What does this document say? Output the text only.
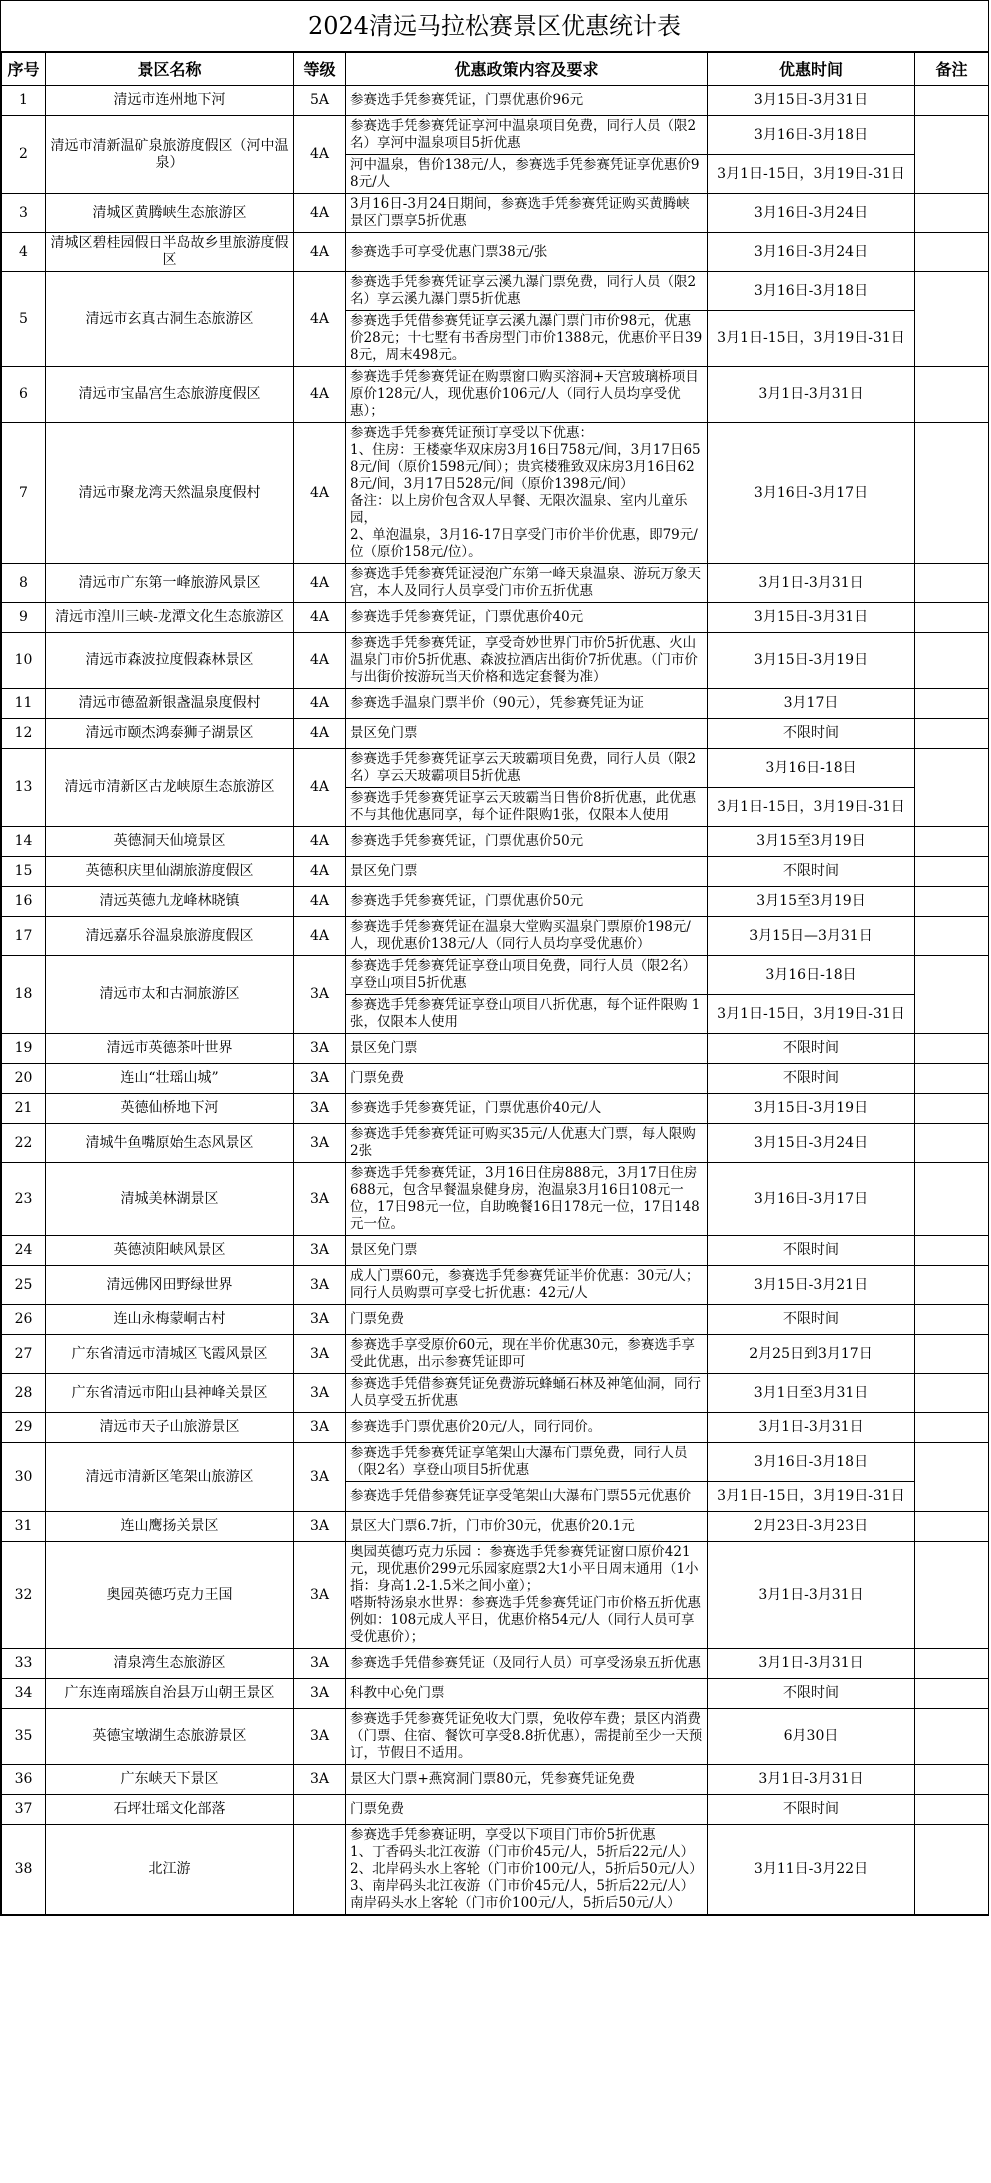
2024清远马拉松赛景区优惠统计表
序号	景区名称	等级	优惠政策内容及要求	优惠时间	备注
1	清远市连州地下河	5A	参赛选手凭参赛凭证，门票优惠价96元	3月15日-3月31日	
2	清远市清新温矿泉旅游度假区（河中温泉）	4A	参赛选手凭参赛凭证享河中温泉项目免费，同行人员（限2名）享河中温泉项目5折优惠	3月16日-3月18日	
			河中温泉，售价138元/人，参赛选手凭参赛凭证享优惠价98元/人	3月1日-15日，3月19日-31日	
3	清城区黄腾峡生态旅游区	4A	3月16日-3月24日期间，参赛选手凭参赛凭证购买黄腾峡景区门票享5折优惠	3月16日-3月24日	
4	清城区碧桂园假日半岛故乡里旅游度假区	4A	参赛选手可享受优惠门票38元/张	3月16日-3月24日	
5	清远市玄真古洞生态旅游区	4A	参赛选手凭参赛凭证享云溪九瀑门票免费，同行人员（限2名）享云溪九瀑门票5折优惠	3月16日-3月18日	
			参赛选手凭借参赛凭证享云溪九瀑门票门市价98元，优惠价28元；十七墅有书香房型门市价1388元，优惠价平日398元，周末498元。	3月1日-15日，3月19日-31日	
6	清远市宝晶宫生态旅游度假区	4A	参赛选手凭参赛凭证在购票窗口购买溶洞+天宫玻璃桥项目原价128元/人，现优惠价106元/人（同行人员均享受优惠）；	3月1日-3月31日	
7	清远市聚龙湾天然温泉度假村	4A	参赛选手凭参赛凭证预订享受以下优惠：
1、住房：王楼豪华双床房3月16日758元/间，3月17日658元/间（原价1598元/间）；贵宾楼雅致双床房3月16日628元/间，3月17日528元/间（原价1398元/间）
备注：以上房价包含双人早餐、无限次温泉、室内儿童乐园，
2、单泡温泉，3月16-17日享受门市价半价优惠，即79元/位（原价158元/位）。	3月16日-3月17日	
8	清远市广东第一峰旅游风景区	4A	参赛选手凭参赛凭证浸泡广东第一峰天泉温泉、游玩万象天宫，本人及同行人员享受门市价五折优惠	3月1日-3月31日	
9	清远市湟川三峡-龙潭文化生态旅游区	4A	参赛选手凭参赛凭证，门票优惠价40元	3月15日-3月31日	
10	清远市森波拉度假森林景区	4A	参赛选手凭参赛凭证，享受奇妙世界门市价5折优惠、火山温泉门市价5折优惠、森波拉酒店出街价7折优惠。（门市价与出街价按游玩当天价格和选定套餐为准）	3月15日-3月19日	
11	清远市德盈新银盏温泉度假村	4A	参赛选手温泉门票半价（90元），凭参赛凭证为证	3月17日	
12	清远市颐杰鸿泰狮子湖景区	4A	景区免门票	不限时间	
13	清远市清新区古龙峡原生态旅游区	4A	参赛选手凭参赛凭证享云天玻霸项目免费，同行人员（限2名）享云天玻霸项目5折优惠	3月16日-18日	
			参赛选手凭参赛凭证享云天玻霸当日售价8折优惠，此优惠不与其他优惠同享，每个证件限购1张，仅限本人使用	3月1日-15日，3月19日-31日	
14	英德洞天仙境景区	4A	参赛选手凭参赛凭证，门票优惠价50元	3月15至3月19日	
15	英德积庆里仙湖旅游度假区	4A	景区免门票	不限时间	
16	清远英德九龙峰林晓镇	4A	参赛选手凭参赛凭证，门票优惠价50元	3月15至3月19日	
17	清远嘉乐谷温泉旅游度假区	4A	参赛选手凭参赛凭证在温泉大堂购买温泉门票原价198元/人，现优惠价138元/人（同行人员均享受优惠价）	3月15日—3月31日	
18	清远市太和古洞旅游区	3A	参赛选手凭参赛凭证享登山项目免费，同行人员（限2名）享登山项目5折优惠	3月16日-18日	
			参赛选手凭参赛凭证享登山项目八折优惠，每个证件限购 1张，仅限本人使用	3月1日-15日，3月19日-31日	
19	清远市英德茶叶世界	3A	景区免门票	不限时间	
20	连山“壮瑶山城”	3A	门票免费	不限时间	
21	英德仙桥地下河	3A	参赛选手凭参赛凭证，门票优惠价40元/人	3月15日-3月19日	
22	清城牛鱼嘴原始生态风景区	3A	参赛选手凭参赛凭证可购买35元/人优惠大门票，每人限购2张	3月15日-3月24日	
23	清城美林湖景区	3A	参赛选手凭参赛凭证，3月16日住房888元，3月17日住房688元，包含早餐温泉健身房，泡温泉3月16日108元一位，17日98元一位，自助晚餐16日178元一位，17日148元一位。	3月16日-3月17日	
24	英德浈阳峡风景区	3A	景区免门票	不限时间	
25	清远佛冈田野绿世界	3A	成人门票60元，参赛选手凭参赛凭证半价优惠：30元/人；同行人员购票可享受七折优惠：42元/人	3月15日-3月21日	
26	连山永梅蒙峒古村	3A	门票免费	不限时间	
27	广东省清远市清城区飞霞风景区	3A	参赛选手享受原价60元，现在半价优惠30元，参赛选手享受此优惠，出示参赛凭证即可	2月25日到3月17日	
28	广东省清远市阳山县神峰关景区	3A	参赛选手凭借参赛凭证免费游玩蜂蛹石林及神笔仙洞，同行人员享受五折优惠	3月1日至3月31日	
29	清远市天子山旅游景区	3A	参赛选手门票优惠价20元/人，同行同价。	3月1日-3月31日	
30	清远市清新区笔架山旅游区	3A	参赛选手凭参赛凭证享笔架山大瀑布门票免费，同行人员（限2名）享登山项目5折优惠	3月16日-3月18日	
			参赛选手凭借参赛凭证享受笔架山大瀑布门票55元优惠价	3月1日-15日，3月19日-31日	
31	连山鹰扬关景区	3A	景区大门票6.7折，门市价30元，优惠价20.1元	2月23日-3月23日	
32	奥园英德巧克力王国	3A	奥园英德巧克力乐园 ：参赛选手凭参赛凭证窗口原价421元，现优惠价299元乐园家庭票2大1小平日周末通用（1小指：身高1.2-1.5米之间小童）；
嗒斯特汤泉水世界：参赛选手凭参赛凭证门市价格五折优惠例如：108元成人平日，优惠价格54元/人（同行人员可享受优惠价）；	3月1日-3月31日	
33	清泉湾生态旅游区	3A	参赛选手凭借参赛凭证（及同行人员）可享受汤泉五折优惠	3月1日-3月31日	
34	广东连南瑶族自治县万山朝王景区	3A	科教中心免门票	不限时间	
35	英德宝墩湖生态旅游景区	3A	参赛选手凭参赛凭证免收大门票，免收停车费；景区内消费（门票、住宿、餐饮可享受8.8折优惠），需提前至少一天预订，节假日不适用。	6月30日	
36	广东峡天下景区	3A	景区大门票+燕窝洞门票80元，凭参赛凭证免费	3月1日-3月31日	
37	石坪壮瑶文化部落		门票免费	不限时间	
38	北江游		参赛选手凭参赛证明，享受以下项目门市价5折优惠　　1、丁香码头北江夜游（门市价45元/人，5折后22元/人）2、北岸码头水上客轮（门市价100元/人，5折后50元/人）3、南岸码头北江夜游（门市价45元/人，5折后22元/人）　南岸码头水上客轮（门市价100元/人，5折后50元/人）	3月11日-3月22日	
